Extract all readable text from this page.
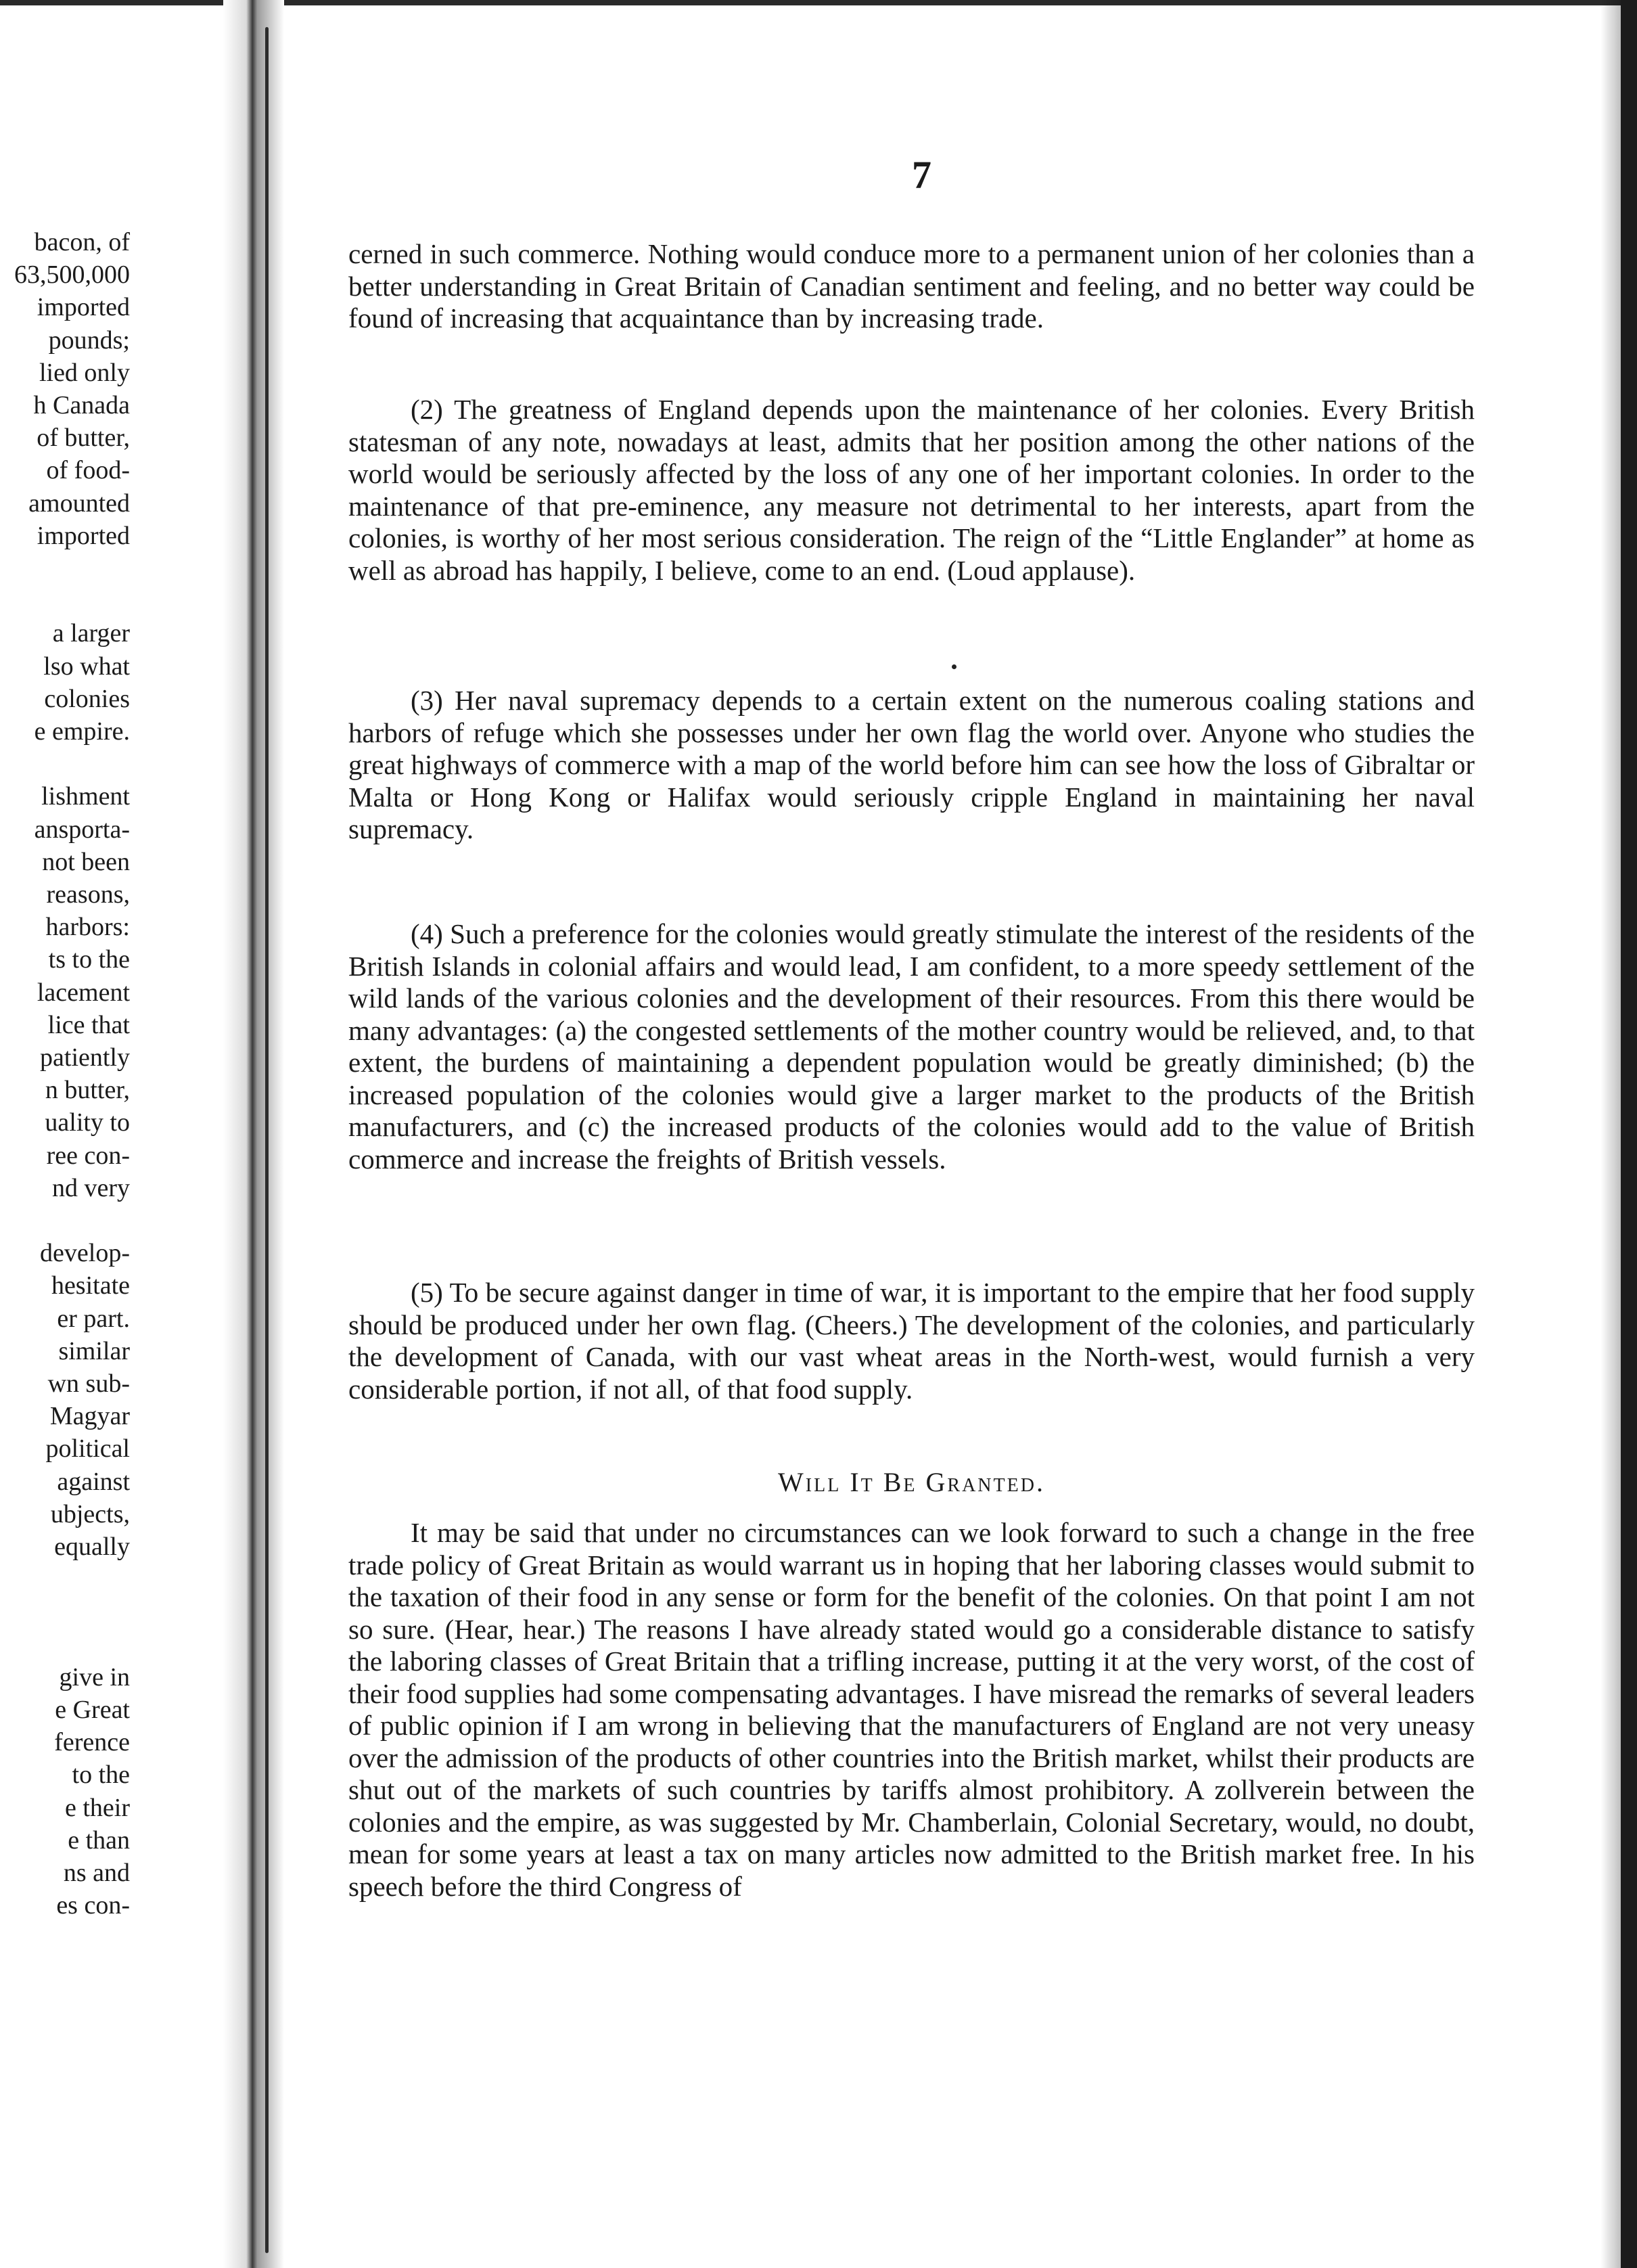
bacon, of
63,500,000
imported
pounds;
lied only
h Canada
of butter,
of food-
amounted
imported
a larger
lso what
colonies
e empire.
lishment
ansporta-
not been
reasons,
harbors:
ts to the
lacement
lice that
patiently
n butter,
uality to
ree con-
nd very
develop-
hesitate
er part.
similar
wn sub-
Magyar
political
against
ubjects,
equally
give in
e Great
ference
to the
e their
e than
ns and
es con-
7
cerned in such commerce. Nothing would conduce more to a permanent union of her colonies than a better understanding in Great Britain of Canadian sentiment and feeling, and no better way could be found of increasing that acquaintance than by increasing trade.
(2) The greatness of England depends upon the maintenance of her colonies. Every British statesman of any note, nowadays at least, admits that her position among the other nations of the world would be seriously affected by the loss of any one of her important colonies. In order to the maintenance of that pre-eminence, any measure not detrimental to her interests, apart from the colonies, is worthy of her most serious consideration. The reign of the “Little Englander” at home as well as abroad has happily, I believe, come to an end. (Loud applause).
(3) Her naval supremacy depends to a certain extent on the numerous coaling stations and harbors of refuge which she possesses under her own flag the world over. Anyone who studies the great highways of commerce with a map of the world before him can see how the loss of Gibraltar or Malta or Hong Kong or Halifax would seriously cripple England in maintaining her naval supremacy.
(4) Such a preference for the colonies would greatly stimulate the interest of the residents of the British Islands in colonial affairs and would lead, I am confident, to a more speedy settlement of the wild lands of the various colonies and the development of their resources. From this there would be many advantages: (a) the congested settlements of the mother country would be relieved, and, to that extent, the burdens of maintaining a dependent population would be greatly diminished; (b) the increased population of the colonies would give a larger market to the products of the British manufacturers, and (c) the increased products of the colonies would add to the value of British commerce and increase the freights of British vessels.
(5) To be secure against danger in time of war, it is important to the empire that her food supply should be produced under her own flag. (Cheers.) The development of the colonies, and particularly the development of Canada, with our vast wheat areas in the North-west, would furnish a very considerable portion, if not all, of that food supply.
Will It Be Granted.
It may be said that under no circumstances can we look forward to such a change in the free trade policy of Great Britain as would warrant us in hoping that her laboring classes would submit to the taxation of their food in any sense or form for the benefit of the colonies. On that point I am not so sure. (Hear, hear.) The reasons I have already stated would go a considerable distance to satisfy the laboring classes of Great Britain that a trifling increase, putting it at the very worst, of the cost of their food supplies had some compensating advantages. I have misread the remarks of several leaders of public opinion if I am wrong in believing that the manufacturers of England are not very uneasy over the admission of the products of other countries into the British market, whilst their products are shut out of the markets of such countries by tariffs almost prohibitory. A zollverein between the colonies and the empire, as was suggested by Mr. Chamberlain, Colonial Secretary, would, no doubt, mean for some years at least a tax on many articles now admitted to the British market free. In his speech before the third Congress of
